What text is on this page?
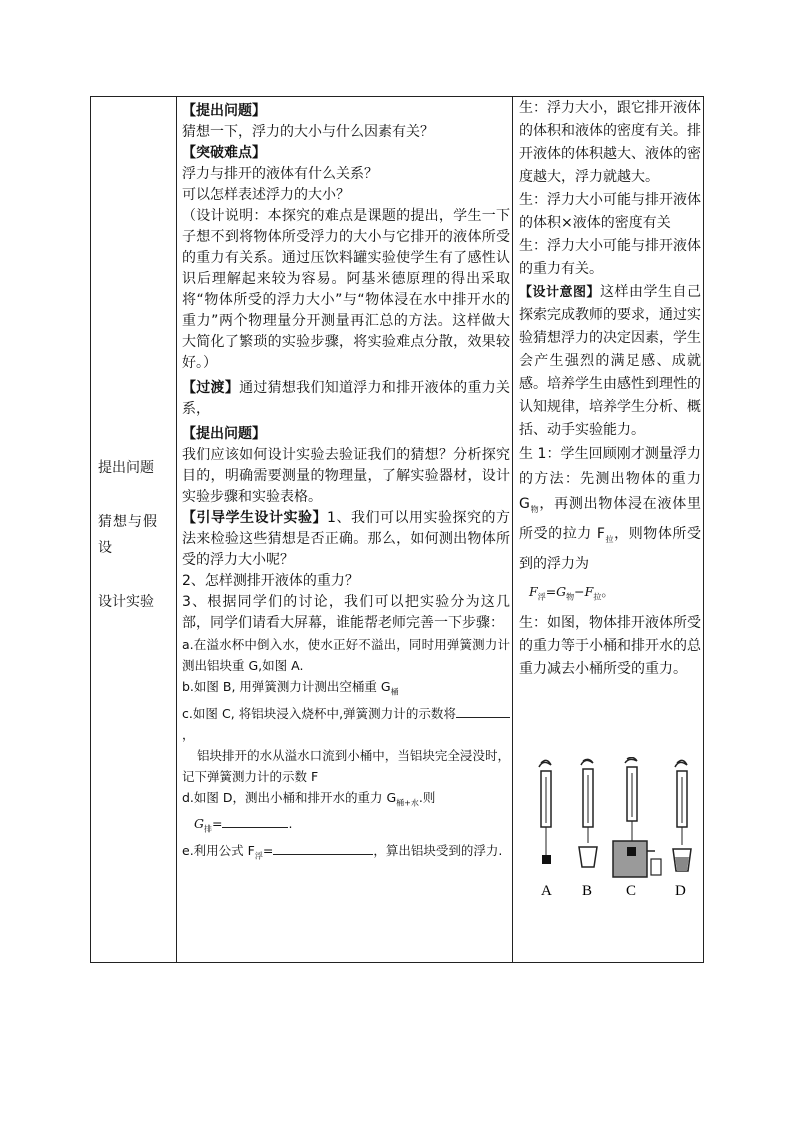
提出问题
猜想与假
设
设计实验
【提出问题】
猜想一下，浮力的大小与什么因素有关？
【突破难点】
浮力与排开的液体有什么关系？
可以怎样表述浮力的大小？
（设计说明：本探究的难点是课题的提出，学生一下子想不到将物体所受浮力的大小与它排开的液体所受的重力有关系。通过压饮料罐实验使学生有了感性认识后理解起来较为容易。阿基米德原理的得出采取将“物体所受的浮力大小”与“物体浸在水中排开水的重力”两个物理量分开测量再汇总的方法。这样做大大简化了繁琐的实验步骤，将实验难点分散，效果较好。）
【过渡】通过猜想我们知道浮力和排开液体的重力关系，
【提出问题】
我们应该如何设计实验去验证我们的猜想？分析探究目的，明确需要测量的物理量，了解实验器材，设计实验步骤和实验表格。
【引导学生设计实验】1、我们可以用实验探究的方法来检验这些猜想是否正确。那么，如何测出物体所受的浮力大小呢？
2、怎样测排开液体的重力？
3、根据同学们的讨论，我们可以把实验分为这几部，同学们请看大屏幕，谁能帮老师完善一下步骤：
a.在溢水杯中倒入水，使水正好不溢出，同时用弹簧测力计测出铝块重 G,如图 A.
b.如图 B, 用弹簧测力计测出空桶重 $G_桶$
c.如图 C, 将铝块浸入烧杯中,弹簧测力计的示数将，
铝块排开的水从溢水口流到小桶中，当铝块完全浸没时，记下弹簧测力计的示数 F
d.如图 D，测出小桶和排开水的重力 $G_{桶+水}$.则
$G_排=$	.
e.利用公式 $F_浮=$	，算出铝块受到的浮力.
生：浮力大小，跟它排开液体的体积和液体的密度有关。排开液体的体积越大、液体的密度越大，浮力就越大。
生：浮力大小可能与排开液体的体积×液体的密度有关
生：浮力大小可能与排开液体的重力有关。
【设计意图】这样由学生自己探索完成教师的要求，通过实验猜想浮力的决定因素，学生会产生强烈的满足感、成就感。培养学生由感性到理性的认知规律，培养学生分析、概括、动手实验能力。
生 1：学生回顾刚才测量浮力的方法：先测出物体的重力 $G_物$，再测出物体浸在液体里所受的拉力 $F_拉$，则物体所受到的浮力为
$F_浮=G_物-F_拉$。
生：如图，物体排开液体所受的重力等于小桶和排开水的总重力减去小桶所受的重力。
A B C	D
